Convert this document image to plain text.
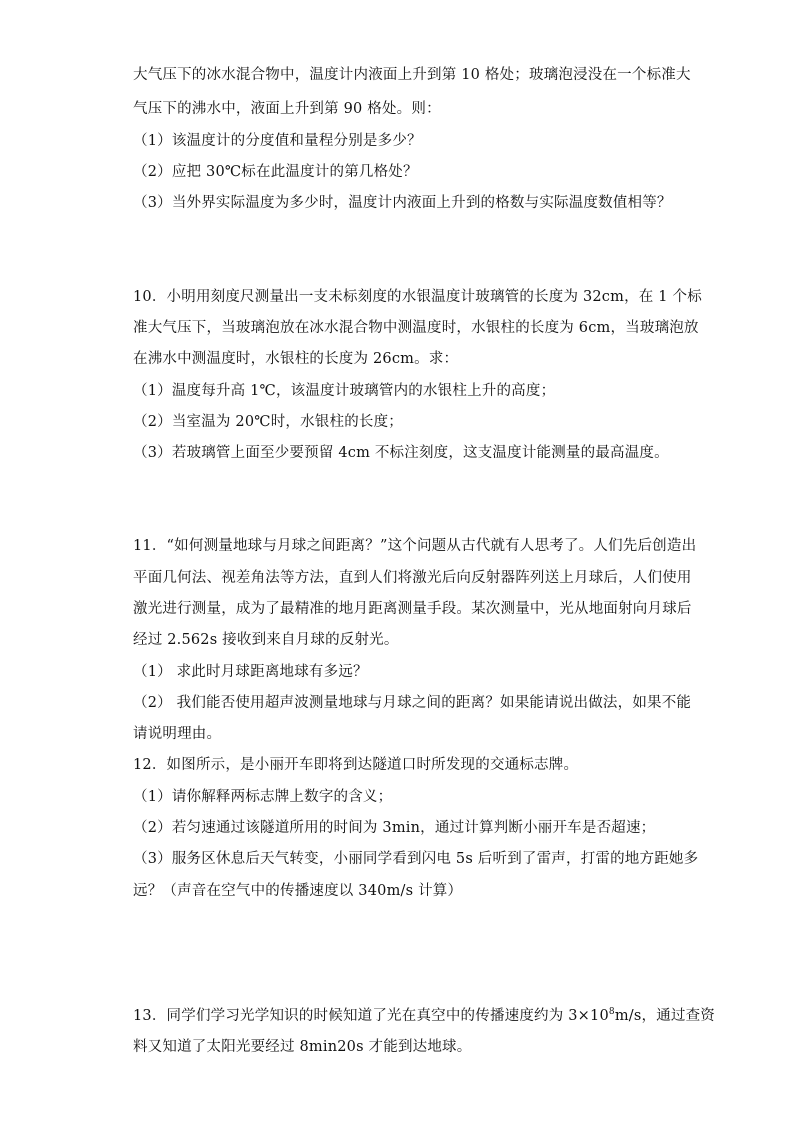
大气压下的冰水混合物中，温度计内液面上升到第 10 格处；玻璃泡浸没在一个标准大
气压下的沸水中，液面上升到第 90 格处。则：
（1）该温度计的分度值和量程分别是多少？
（2）应把 30℃标在此温度计的第几格处？
（3）当外界实际温度为多少时，温度计内液面上升到的格数与实际温度数值相等？
10．小明用刻度尺测量出一支未标刻度的水银温度计玻璃管的长度为 32cm，在 1 个标
准大气压下，当玻璃泡放在冰水混合物中测温度时，水银柱的长度为 6cm，当玻璃泡放
在沸水中测温度时，水银柱的长度为 26cm。求：
（1）温度每升高 1℃，该温度计玻璃管内的水银柱上升的高度；
（2）当室温为 20℃时，水银柱的长度；
（3）若玻璃管上面至少要预留 4cm 不标注刻度，这支温度计能测量的最高温度。
11．“如何测量地球与月球之间距离？”这个问题从古代就有人思考了。人们先后创造出
平面几何法、视差角法等方法，直到人们将激光后向反射器阵列送上月球后，人们使用
激光进行测量，成为了最精准的地月距离测量手段。某次测量中，光从地面射向月球后
经过 2.562s 接收到来自月球的反射光。
（1） 求此时月球距离地球有多远？
（2） 我们能否使用超声波测量地球与月球之间的距离？如果能请说出做法，如果不能
请说明理由。
12．如图所示，是小丽开车即将到达隧道口时所发现的交通标志牌。
（1）请你解释两标志牌上数字的含义；
（2）若匀速通过该隧道所用的时间为 3min，通过计算判断小丽开车是否超速；
（3）服务区休息后天气转变，小丽同学看到闪电 5s 后听到了雷声，打雷的地方距她多
远？（声音在空气中的传播速度以 340m/s 计算）
13．同学们学习光学知识的时候知道了光在真空中的传播速度约为 $3\times 10^8m/s$，通过查资
料又知道了太阳光要经过 8min20s 才能到达地球。
